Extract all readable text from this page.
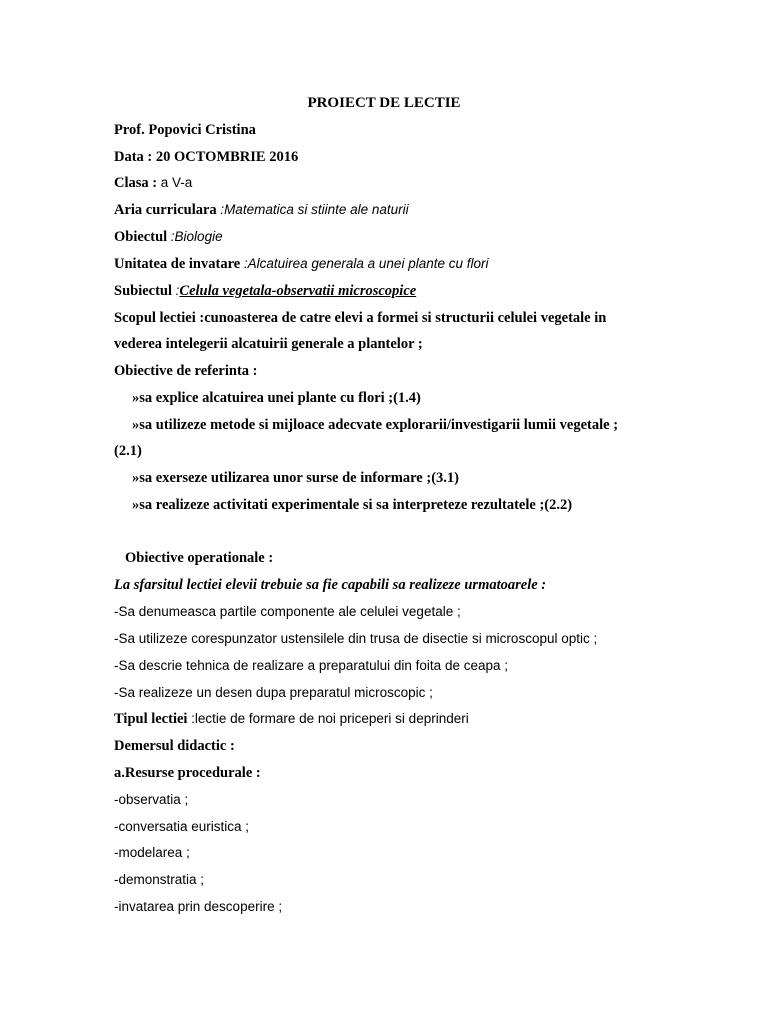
PROIECT DE LECTIE
Prof. Popovici Cristina
Data : 20 OCTOMBRIE 2016
Clasa : a V-a
Aria curriculara :Matematica si stiinte ale naturii
Obiectul :Biologie
Unitatea de invatare :Alcatuirea generala a unei plante cu flori
Subiectul :Celula vegetala-observatii microscopice
Scopul lectiei :cunoasterea de catre elevi a formei si structurii celulei vegetale in
vederea intelegerii alcatuirii generale a plantelor ;
Obiective de referinta :
»sa explice alcatuirea unei plante cu flori ;(1.4)
»sa utilizeze metode si mijloace adecvate explorarii/investigarii lumii vegetale ;
(2.1)
»sa exerseze utilizarea unor surse de informare ;(3.1)
»sa realizeze activitati experimentale si sa interpreteze rezultatele ;(2.2)
Obiective operationale :
La sfarsitul lectiei elevii trebuie sa fie capabili sa realizeze urmatoarele :
-Sa denumeasca partile componente ale celulei vegetale ;
-Sa utilizeze corespunzator ustensilele din trusa de disectie si microscopul optic ;
-Sa descrie tehnica de realizare a preparatului din foita de ceapa ;
-Sa realizeze un desen dupa preparatul microscopic ;
Tipul lectiei :lectie de formare de noi priceperi si deprinderi
Demersul didactic :
a.Resurse procedurale :
-observatia ;
-conversatia euristica ;
-modelarea ;
-demonstratia ;
-invatarea prin descoperire ;
